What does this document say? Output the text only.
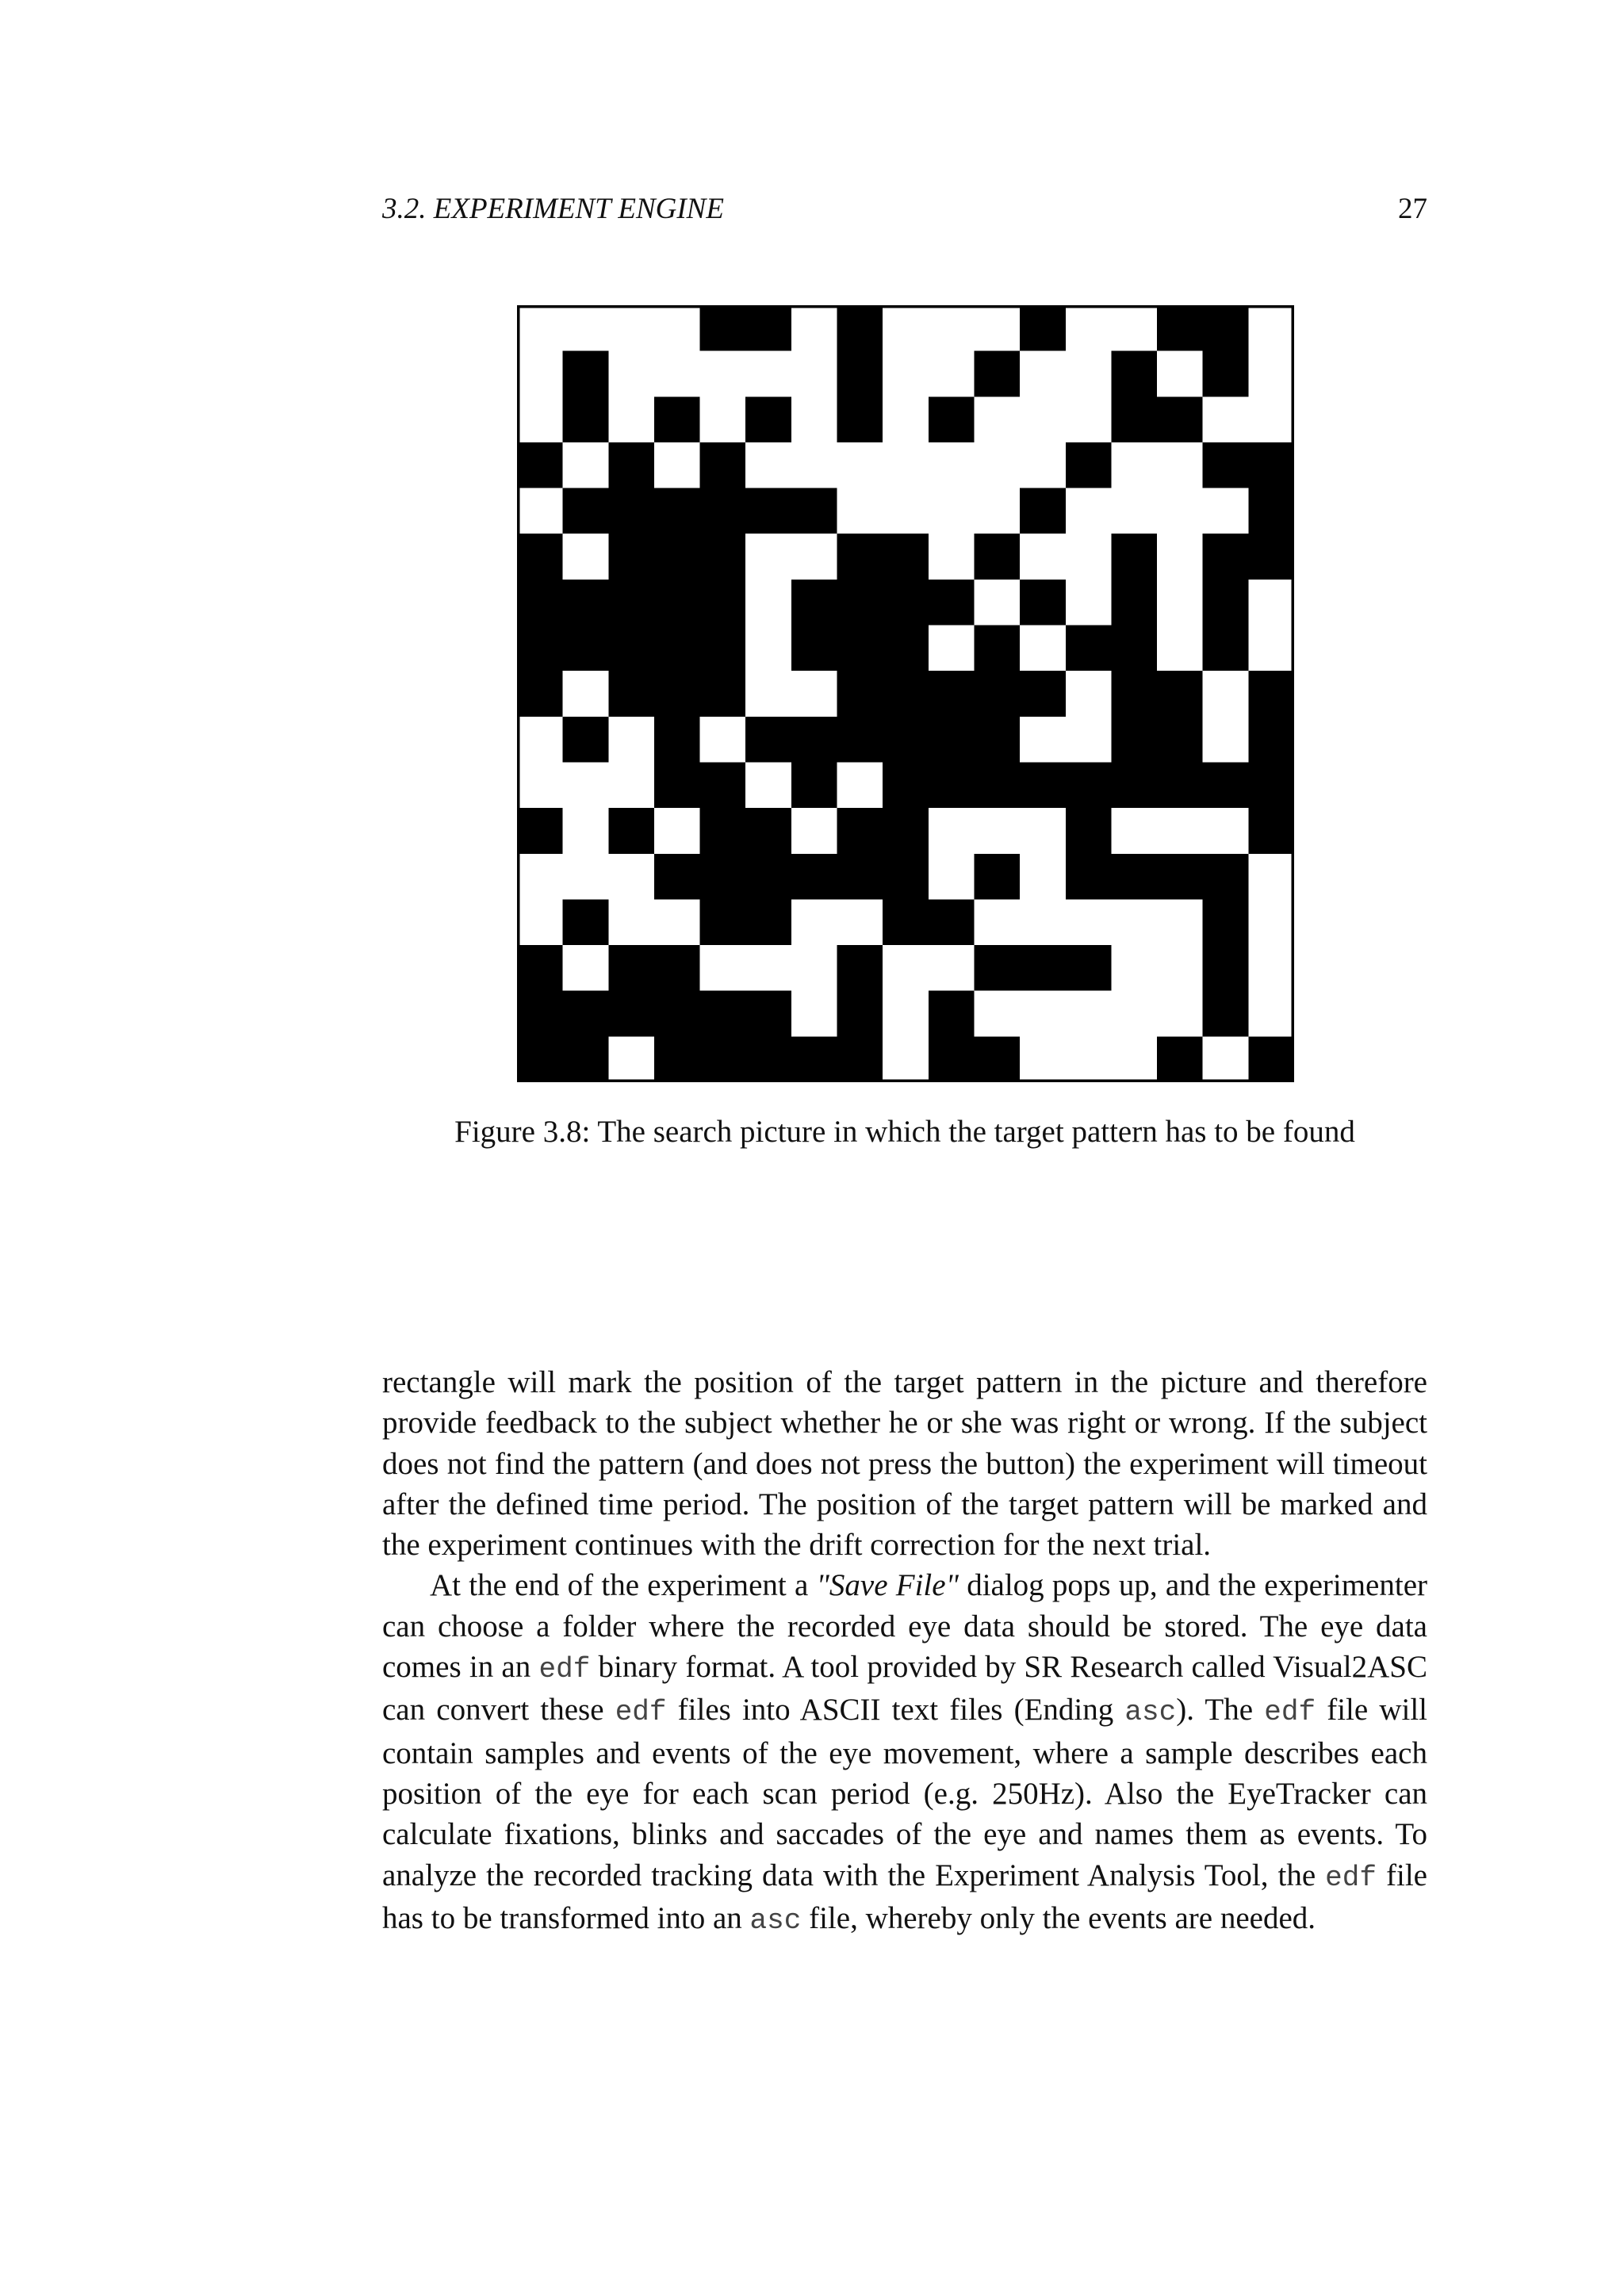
3.2. EXPERIMENT ENGINE	27
Figure 3.8: The search picture in which the target pattern has to be found

rectangle will mark the position of the target pattern in the picture and therefore provide feedback to the subject whether he or she was right or wrong. If the subject does not find the pattern (and does not press the button) the experiment will timeout after the defined time period. The position of the target pattern will be marked and the experiment continues with the drift correction for the next trial.

At the end of the experiment a "Save File" dialog pops up, and the experimenter can choose a folder where the recorded eye data should be stored. The eye data comes in an edf binary format. A tool provided by SR Research called Visual2ASC can convert these edf files into ASCII text files (Ending asc). The edf file will contain samples and events of the eye movement, where a sample describes each position of the eye for each scan period (e.g. 250Hz). Also the EyeTracker can calculate fixations, blinks and saccades of the eye and names them as events. To analyze the recorded tracking data with the Experiment Analysis Tool, the edf file has to be transformed into an asc file, whereby only the events are needed.
